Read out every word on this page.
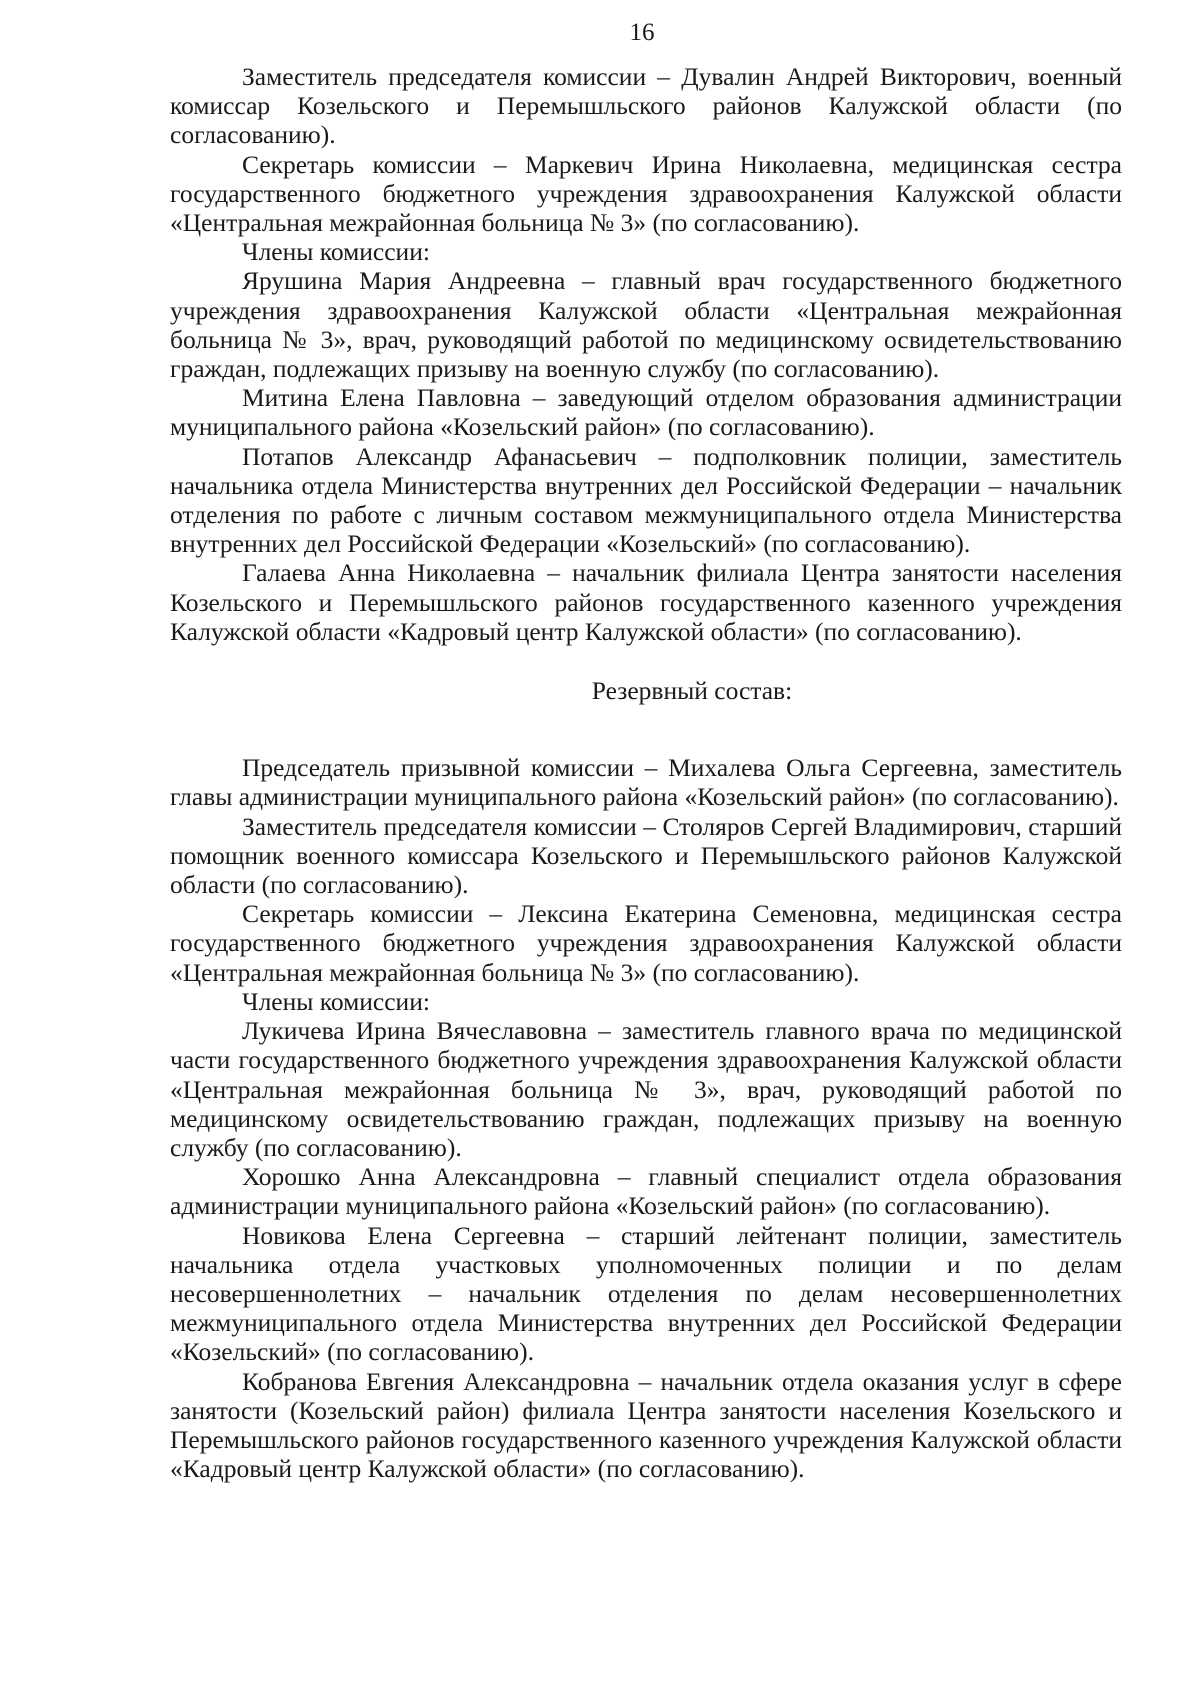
16

Заместитель председателя комиссии – Дувалин Андрей Викторович, военный комиссар Козельского и Перемышльского районов Калужской области (по согласованию).

Секретарь комиссии – Маркевич Ирина Николаевна, медицинская сестра государственного бюджетного учреждения здравоохранения Калужской области «Центральная межрайонная больница № 3» (по согласованию).

Члены комиссии:

Ярушина Мария Андреевна – главный врач государственного бюджетного учреждения здравоохранения Калужской области «Центральная межрайонная больница № 3», врач, руководящий работой по медицинскому освидетельствованию граждан, подлежащих призыву на военную службу (по согласованию).

Митина Елена Павловна – заведующий отделом образования администрации муниципального района «Козельский район» (по согласованию).

Потапов Александр Афанасьевич – подполковник полиции, заместитель начальника отдела Министерства внутренних дел Российской Федерации – начальник отделения по работе с личным составом межмуниципального отдела Министерства внутренних дел Российской Федерации «Козельский» (по согласованию).

Галаева Анна Николаевна – начальник филиала Центра занятости населения Козельского и Перемышльского районов государственного казенного учреждения Калужской области «Кадровый центр Калужской области» (по согласованию).

Резервный состав:

Председатель призывной комиссии – Михалева Ольга Сергеевна, заместитель главы администрации муниципального района «Козельский район» (по согласованию).

Заместитель председателя комиссии – Столяров Сергей Владимирович, старший помощник военного комиссара Козельского и Перемышльского районов Калужской области (по согласованию).

Секретарь комиссии – Лексина Екатерина Семеновна, медицинская сестра государственного бюджетного учреждения здравоохранения Калужской области «Центральная межрайонная больница № 3» (по согласованию).

Члены комиссии:

Лукичева Ирина Вячеславовна – заместитель главного врача по медицинской части государственного бюджетного учреждения здравоохранения Калужской области «Центральная межрайонная больница № 3», врач, руководящий работой по медицинскому освидетельствованию граждан, подлежащих призыву на военную службу (по согласованию).

Хорошко Анна Александровна – главный специалист отдела образования администрации муниципального района «Козельский район» (по согласованию).

Новикова Елена Сергеевна – старший лейтенант полиции, заместитель начальника отдела участковых уполномоченных полиции и по делам несовершеннолетних – начальник отделения по делам несовершеннолетних межмуниципального отдела Министерства внутренних дел Российской Федерации «Козельский» (по согласованию).

Кобранова Евгения Александровна – начальник отдела оказания услуг в сфере занятости (Козельский район) филиала Центра занятости населения Козельского и Перемышльского районов государственного казенного учреждения Калужской области «Кадровый центр Калужской области» (по согласованию).
